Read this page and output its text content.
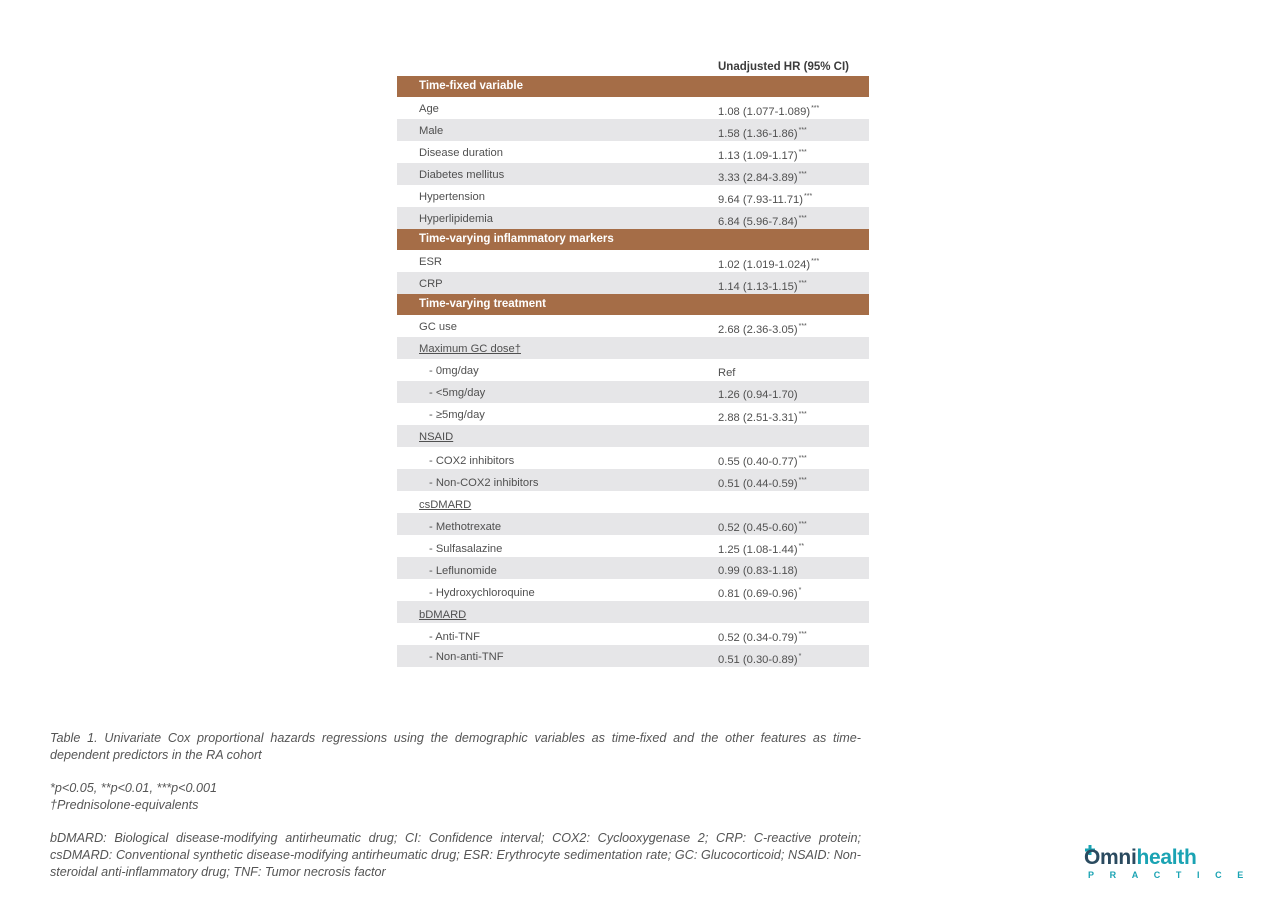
Unadjusted HR (95% CI)
Time-fixed variable
Age	1.08 (1.077-1.089)***
Male	1.58 (1.36-1.86)***
Disease duration	1.13 (1.09-1.17)***
Diabetes mellitus	3.33 (2.84-3.89)***
Hypertension	9.64 (7.93-11.71)***
Hyperlipidemia	6.84 (5.96-7.84)***
Time-varying inflammatory markers
ESR	1.02 (1.019-1.024)***
CRP	1.14 (1.13-1.15)***
Time-varying treatment
GC use	2.68 (2.36-3.05)***
Maximum GC dose†
- 0mg/day	Ref
- <5mg/day	1.26 (0.94-1.70)
- ≥5mg/day	2.88 (2.51-3.31)***
NSAID
- COX2 inhibitors	0.55 (0.40-0.77)***
- Non-COX2 inhibitors	0.51 (0.44-0.59)***
csDMARD
- Methotrexate	0.52 (0.45-0.60)***
- Sulfasalazine	1.25 (1.08-1.44)**
- Leflunomide	0.99 (0.83-1.18)
- Hydroxychloroquine	0.81 (0.69-0.96)*
bDMARD
- Anti-TNF	0.52 (0.34-0.79)***
- Non-anti-TNF	0.51 (0.30-0.89)*

Table 1. Univariate Cox proportional hazards regressions using the demographic variables as time-fixed and the other features as time-dependent predictors in the RA cohort

*p<0.05, **p<0.01, ***p<0.001

†Prednisolone-equivalents

bDMARD: Biological disease-modifying antirheumatic drug; CI: Confidence interval; COX2: Cyclooxygenase 2; CRP: C-reactive protein; csDMARD: Conventional synthetic disease-modifying antirheumatic drug; ESR: Erythrocyte sedimentation rate; GC: Glucocorticoid; NSAID: Non-steroidal anti-inflammatory drug; TNF: Tumor necrosis factor

Omnihealth
PRACTICE
